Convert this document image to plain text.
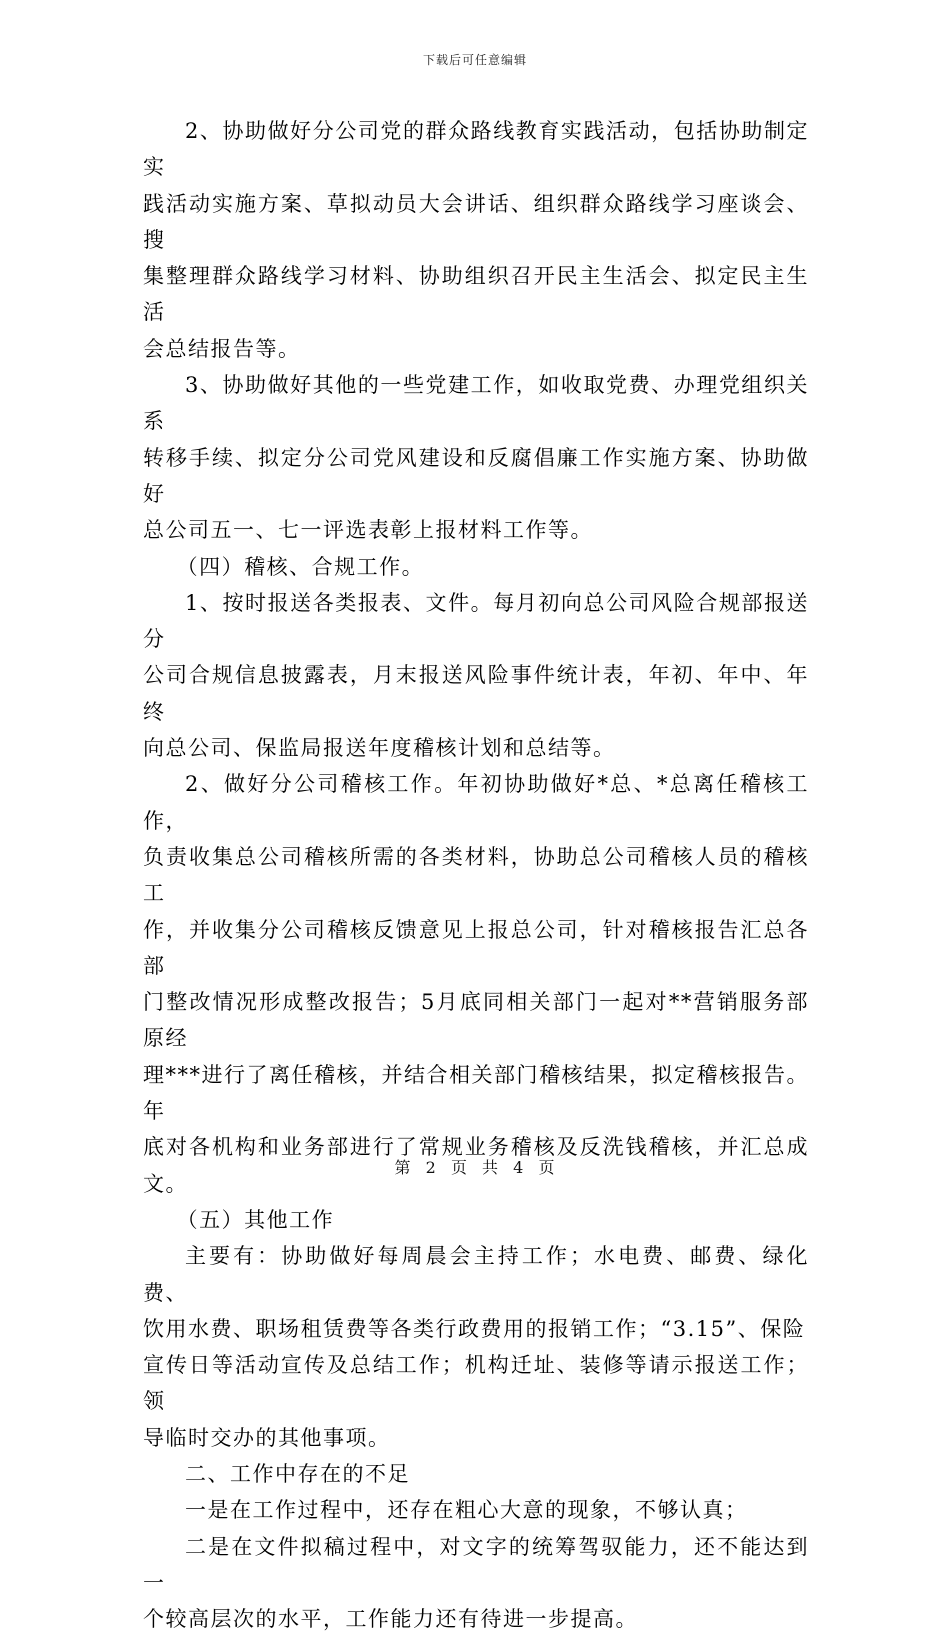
下载后可任意编辑

2、协助做好分公司党的群众路线教育实践活动，包括协助制定实
践活动实施方案、草拟动员大会讲话、组织群众路线学习座谈会、搜
集整理群众路线学习材料、协助组织召开民主生活会、拟定民主生活
会总结报告等。

3、协助做好其他的一些党建工作，如收取党费、办理党组织关系
转移手续、拟定分公司党风建设和反腐倡廉工作实施方案、协助做好
总公司五一、七一评选表彰上报材料工作等。

（四）稽核、合规工作。

1、按时报送各类报表、文件。每月初向总公司风险合规部报送分
公司合规信息披露表，月末报送风险事件统计表，年初、年中、年终
向总公司、保监局报送年度稽核计划和总结等。

2、做好分公司稽核工作。年初协助做好*总、*总离任稽核工作，
负责收集总公司稽核所需的各类材料，协助总公司稽核人员的稽核工
作，并收集分公司稽核反馈意见上报总公司，针对稽核报告汇总各部
门整改情况形成整改报告；5月底同相关部门一起对**营销服务部原经
理***进行了离任稽核，并结合相关部门稽核结果，拟定稽核报告。年
底对各机构和业务部进行了常规业务稽核及反洗钱稽核，并汇总成文。

（五）其他工作

主要有：协助做好每周晨会主持工作；水电费、邮费、绿化费、
饮用水费、职场租赁费等各类行政费用的报销工作；“3.15”、保险
宣传日等活动宣传及总结工作；机构迁址、装修等请示报送工作；领
导临时交办的其他事项。

二、工作中存在的不足

一是在工作过程中，还存在粗心大意的现象，不够认真；

二是在文件拟稿过程中，对文字的统筹驾驭能力，还不能达到一
个较高层次的水平，工作能力还有待进一步提高。

第 2 页 共 4 页
